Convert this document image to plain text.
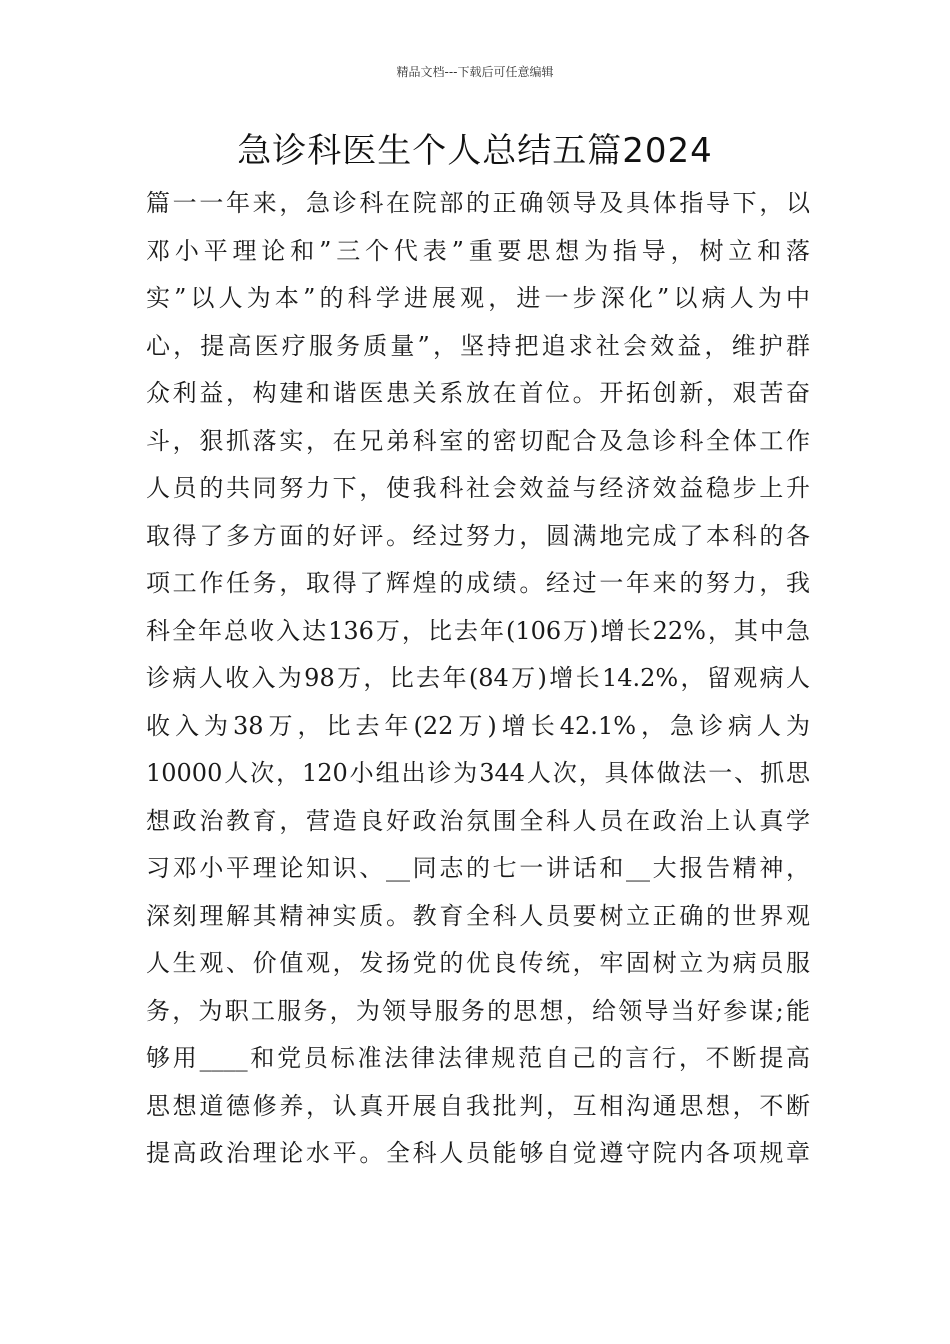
精品文档---下载后可任意编辑
急诊科医生个人总结五篇2024
篇一一年来，急诊科在院部的正确领导及具体指导下，以
邓小平理论和”三个代表”重要思想为指导，树立和落
实”以人为本”的科学进展观，进一步深化”以病人为中
心，提高医疗服务质量”，坚持把追求社会效益，维护群
众利益，构建和谐医患关系放在首位。开拓创新，艰苦奋
斗，狠抓落实，在兄弟科室的密切配合及急诊科全体工作
人员的共同努力下，使我科社会效益与经济效益稳步上升
取得了多方面的好评。经过努力，圆满地完成了本科的各
项工作任务，取得了辉煌的成绩。经过一年来的努力，我
科全年总收入达136万，比去年(106万)增长22%，其中急
诊病人收入为98万，比去年(84万)增长14.2%，留观病人
收入为38万，比去年(22万)增长42.1%，急诊病人为
10000人次，120小组出诊为344人次，具体做法一、抓思
想政治教育，营造良好政治氛围全科人员在政治上认真学
习邓小平理论知识、__同志的七一讲话和__大报告精神，
深刻理解其精神实质。教育全科人员要树立正确的世界观
人生观、价值观，发扬党的优良传统，牢固树立为病员服
务，为职工服务，为领导服务的思想，给领导当好参谋;能
够用____和党员标准法律法律规范自己的言行，不断提高
思想道德修养，认真开展自我批判，互相沟通思想，不断
提高政治理论水平。全科人员能够自觉遵守院内各项规章
